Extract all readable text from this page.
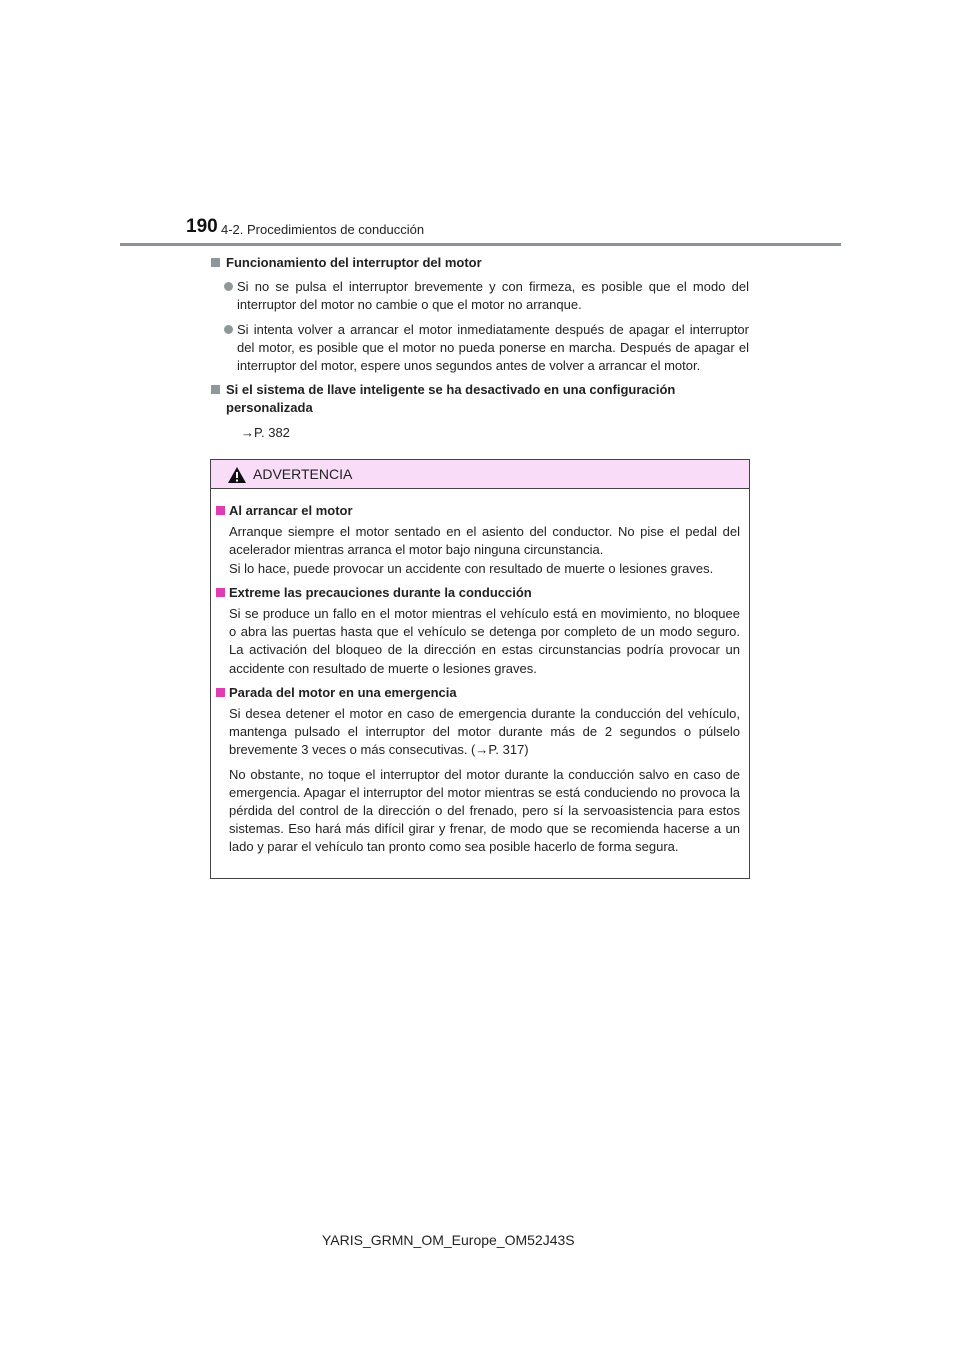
190 4-2. Procedimientos de conducción
Funcionamiento del interruptor del motor
Si no se pulsa el interruptor brevemente y con firmeza, es posible que el modo del interruptor del motor no cambie o que el motor no arranque.
Si intenta volver a arrancar el motor inmediatamente después de apagar el interruptor del motor, es posible que el motor no pueda ponerse en marcha. Después de apagar el interruptor del motor, espere unos segundos antes de volver a arrancar el motor.
Si el sistema de llave inteligente se ha desactivado en una configuración personalizada
→P. 382
ADVERTENCIA
Al arrancar el motor
Arranque siempre el motor sentado en el asiento del conductor. No pise el pedal del acelerador mientras arranca el motor bajo ninguna circunstancia.
Si lo hace, puede provocar un accidente con resultado de muerte o lesiones graves.
Extreme las precauciones durante la conducción
Si se produce un fallo en el motor mientras el vehículo está en movimiento, no bloquee o abra las puertas hasta que el vehículo se detenga por completo de un modo seguro. La activación del bloqueo de la dirección en estas circunstancias podría provocar un accidente con resultado de muerte o lesiones graves.
Parada del motor en una emergencia
Si desea detener el motor en caso de emergencia durante la conducción del vehículo, mantenga pulsado el interruptor del motor durante más de 2 segundos o púlselo brevemente 3 veces o más consecutivas. (→P. 317)
No obstante, no toque el interruptor del motor durante la conducción salvo en caso de emergencia. Apagar el interruptor del motor mientras se está conduciendo no provoca la pérdida del control de la dirección o del frenado, pero sí la servoasistencia para estos sistemas. Eso hará más difícil girar y frenar, de modo que se recomienda hacerse a un lado y parar el vehículo tan pronto como sea posible hacerlo de forma segura.
YARIS_GRMN_OM_Europe_OM52J43S
